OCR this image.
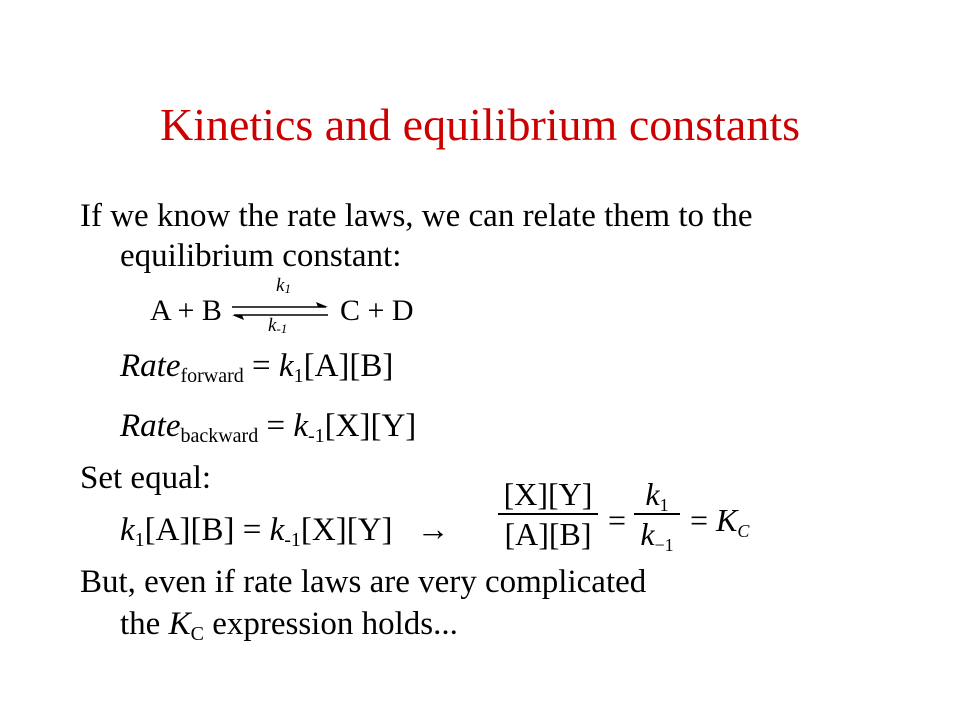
Kinetics and equilibrium constants
If we know the rate laws, we can relate them to the
equilibrium constant:
A + B
$k_1$
$k_{-1}$
C + D
Rate$_{forward}$ = $k_1[A][B]$
Rate$_{backward}$ = $k_{-1}[X][Y]$
Set equal:
$k_1[A][B] = k_{-1}[X][Y]$ →
[X][Y]
[A][B] =
$k_1$
$k_{-1}$
= $K_C$
But, even if rate laws are very complicated
the $K_C$ expression holds...
